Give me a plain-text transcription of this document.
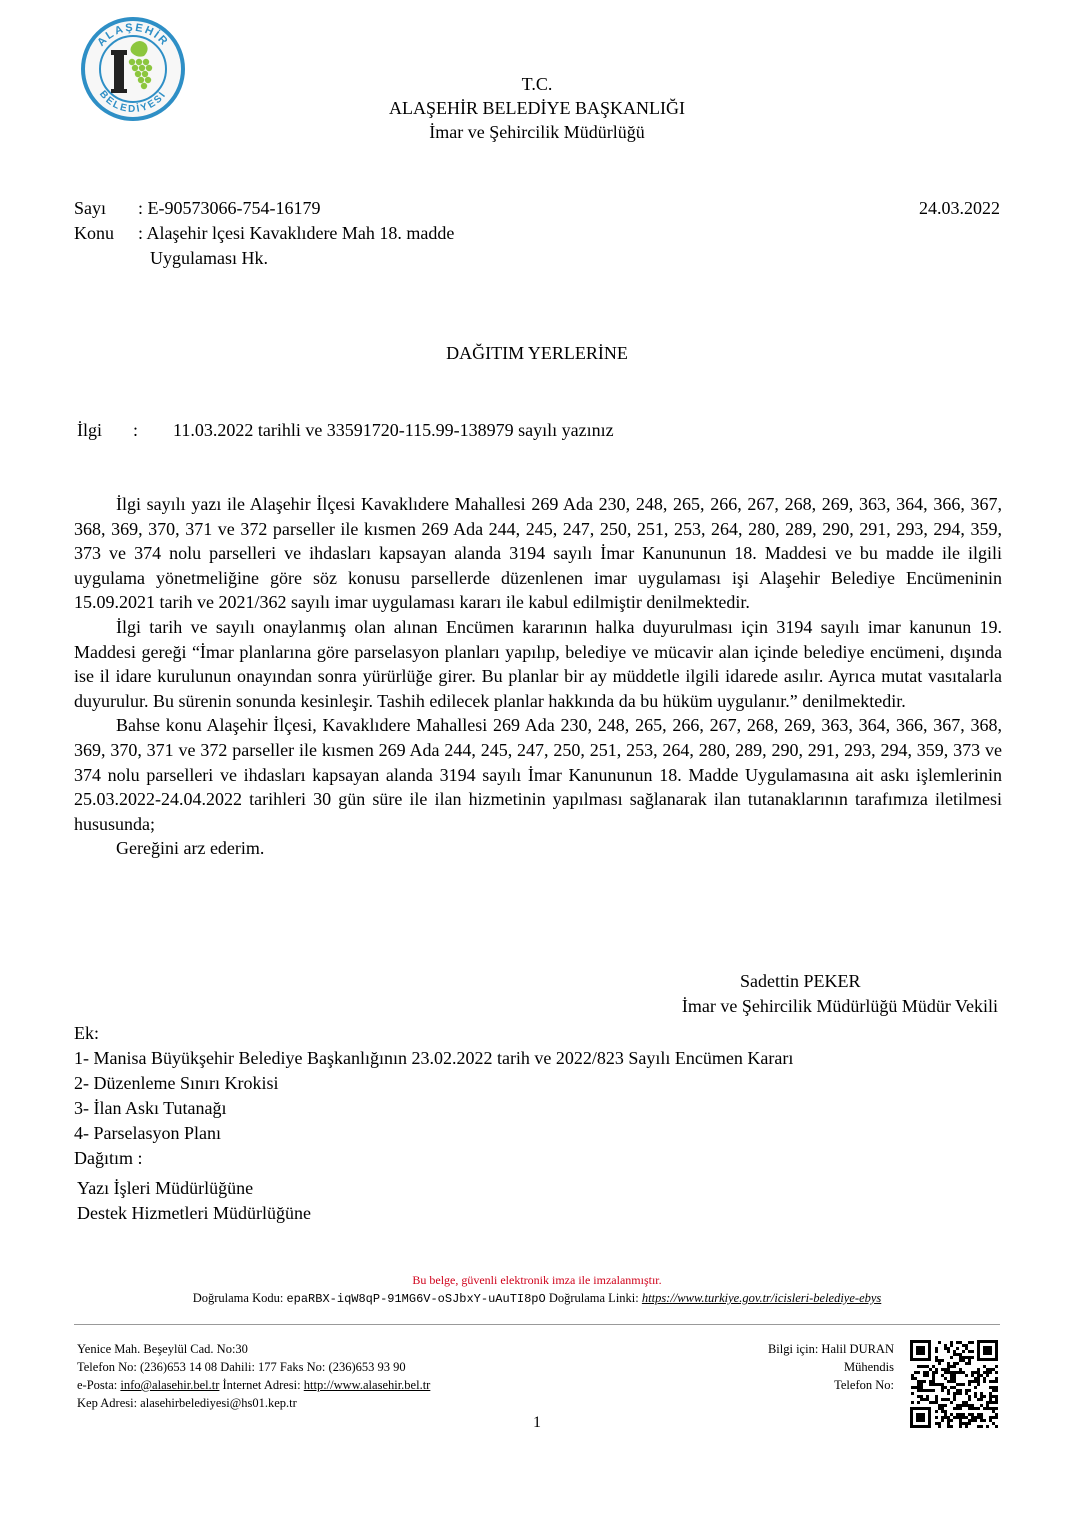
ALAŞEHİR
BELEDİYESİ
T.C.
ALAŞEHİR BELEDİYE BAŞKANLIĞI
İmar ve Şehircilik Müdürlüğü
Sayı : E-90573066-754-16179	24.03.2022
Konu : Alaşehir lçesi Kavaklıdere Mah 18. madde
Uygulaması Hk.
DAĞITIM YERLERİNE
İlgi : 11.03.2022 tarihli ve 33591720-115.99-138979 sayılı yazınız

İlgi sayılı yazı ile Alaşehir İlçesi Kavaklıdere Mahallesi 269 Ada 230, 248, 265, 266, 267, 268, 269, 363, 364, 366, 367, 368, 369, 370, 371 ve 372 parseller ile kısmen 269 Ada 244, 245, 247, 250, 251, 253, 264, 280, 289, 290, 291, 293, 294, 359, 373 ve 374 nolu parselleri ve ihdasları kapsayan alanda 3194 sayılı İmar Kanununun 18. Maddesi ve bu madde ile ilgili uygulama yönetmeliğine göre söz konusu parsellerde düzenlenen imar uygulaması işi Alaşehir Belediye Encümeninin 15.09.2021 tarih ve 2021/362 sayılı imar uygulaması kararı ile kabul edilmiştir denilmektedir.

İlgi tarih ve sayılı onaylanmış olan alınan Encümen kararının halka duyurulması için 3194 sayılı imar kanunun 19. Maddesi gereği “İmar planlarına göre parselasyon planları yapılıp, belediye ve mücavir alan içinde belediye encümeni, dışında ise il idare kurulunun onayından sonra yürürlüğe girer. Bu planlar bir ay müddetle ilgili idarede asılır. Ayrıca mutat vasıtalarla duyurulur. Bu sürenin sonunda kesinleşir. Tashih edilecek planlar hakkında da bu hüküm uygulanır.” denilmektedir.

Bahse konu Alaşehir İlçesi, Kavaklıdere Mahallesi 269 Ada 230, 248, 265, 266, 267, 268, 269, 363, 364, 366, 367, 368, 369, 370, 371 ve 372 parseller ile kısmen 269 Ada 244, 245, 247, 250, 251, 253, 264, 280, 289, 290, 291, 293, 294, 359, 373 ve 374 nolu parselleri ve ihdasları kapsayan alanda 3194 sayılı İmar Kanununun 18. Madde Uygulamasına ait askı işlemlerinin 25.03.2022-24.04.2022 tarihleri 30 gün süre ile ilan hizmetinin yapılması sağlanarak ilan tutanaklarının tarafımıza iletilmesi hususunda;

Gereğini arz ederim.

Sadettin PEKER
İmar ve Şehircilik Müdürlüğü Müdür Vekili
Ek:
1- Manisa Büyükşehir Belediye Başkanlığının 23.02.2022 tarih ve 2022/823 Sayılı Encümen Kararı
2- Düzenleme Sınırı Krokisi
3- İlan Askı Tutanağı
4- Parselasyon Planı
Dağıtım :
Yazı İşleri Müdürlüğüne
Destek Hizmetleri Müdürlüğüne
Bu belge, güvenli elektronik imza ile imzalanmıştır.
Doğrulama Kodu: epaRBX-iqW8qP-91MG6V-oSJbxY-uAuTI8pO Doğrulama Linki: https://www.turkiye.gov.tr/icisleri-belediye-ebys
Yenice Mah. Beşeylül Cad. No:30
Telefon No: (236)653 14 08 Dahili: 177 Faks No: (236)653 93 90
e-Posta: info@alasehir.bel.tr İnternet Adresi: http://www.alasehir.bel.tr
Kep Adresi: alasehirbelediyesi@hs01.kep.tr
Bilgi için: Halil DURAN
Mühendis
Telefon No:
1
